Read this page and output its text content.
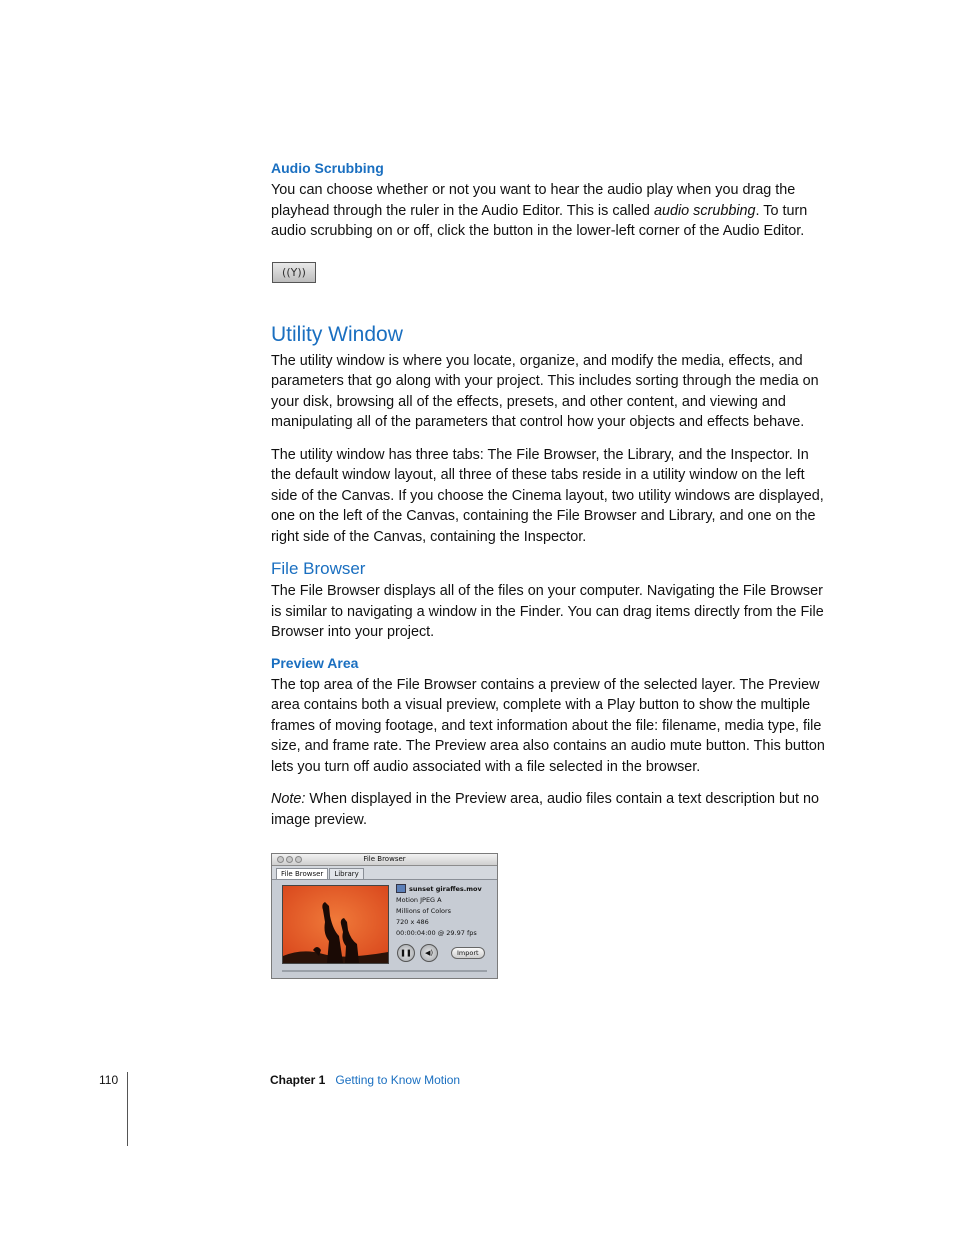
Audio Scrubbing

You can choose whether or not you want to hear the audio play when you drag the playhead through the ruler in the Audio Editor. This is called audio scrubbing. To turn audio scrubbing on or off, click the button in the lower-left corner of the Audio Editor.

((Y))
Utility Window

The utility window is where you locate, organize, and modify the media, effects, and parameters that go along with your project. This includes sorting through the media on your disk, browsing all of the effects, presets, and other content, and viewing and manipulating all of the parameters that control how your objects and effects behave.

The utility window has three tabs: The File Browser, the Library, and the Inspector. In the default window layout, all three of these tabs reside in a utility window on the left side of the Canvas. If you choose the Cinema layout, two utility windows are displayed, one on the left of the Canvas, containing the File Browser and Library, and one on the right side of the Canvas, containing the Inspector.

File Browser

The File Browser displays all of the files on your computer. Navigating the File Browser is similar to navigating a window in the Finder. You can drag items directly from the File Browser into your project.

Preview Area

The top area of the File Browser contains a preview of the selected layer. The Preview area contains both a visual preview, complete with a Play button to show the multiple frames of moving footage, and text information about the file: filename, media type, file size, and frame rate. The Preview area also contains an audio mute button. This button lets you turn off audio associated with a file selected in the browser.

Note: When displayed in the Preview area, audio files contain a text description but no image preview.

File Browser
File Browser	Library
sunset giraffes.mov
Motion JPEG A
Millions of Colors
720 x 486
00:00:04:00 @ 29.97 fps
❚❚	◀)	Import
110	Chapter 1 Getting to Know Motion
